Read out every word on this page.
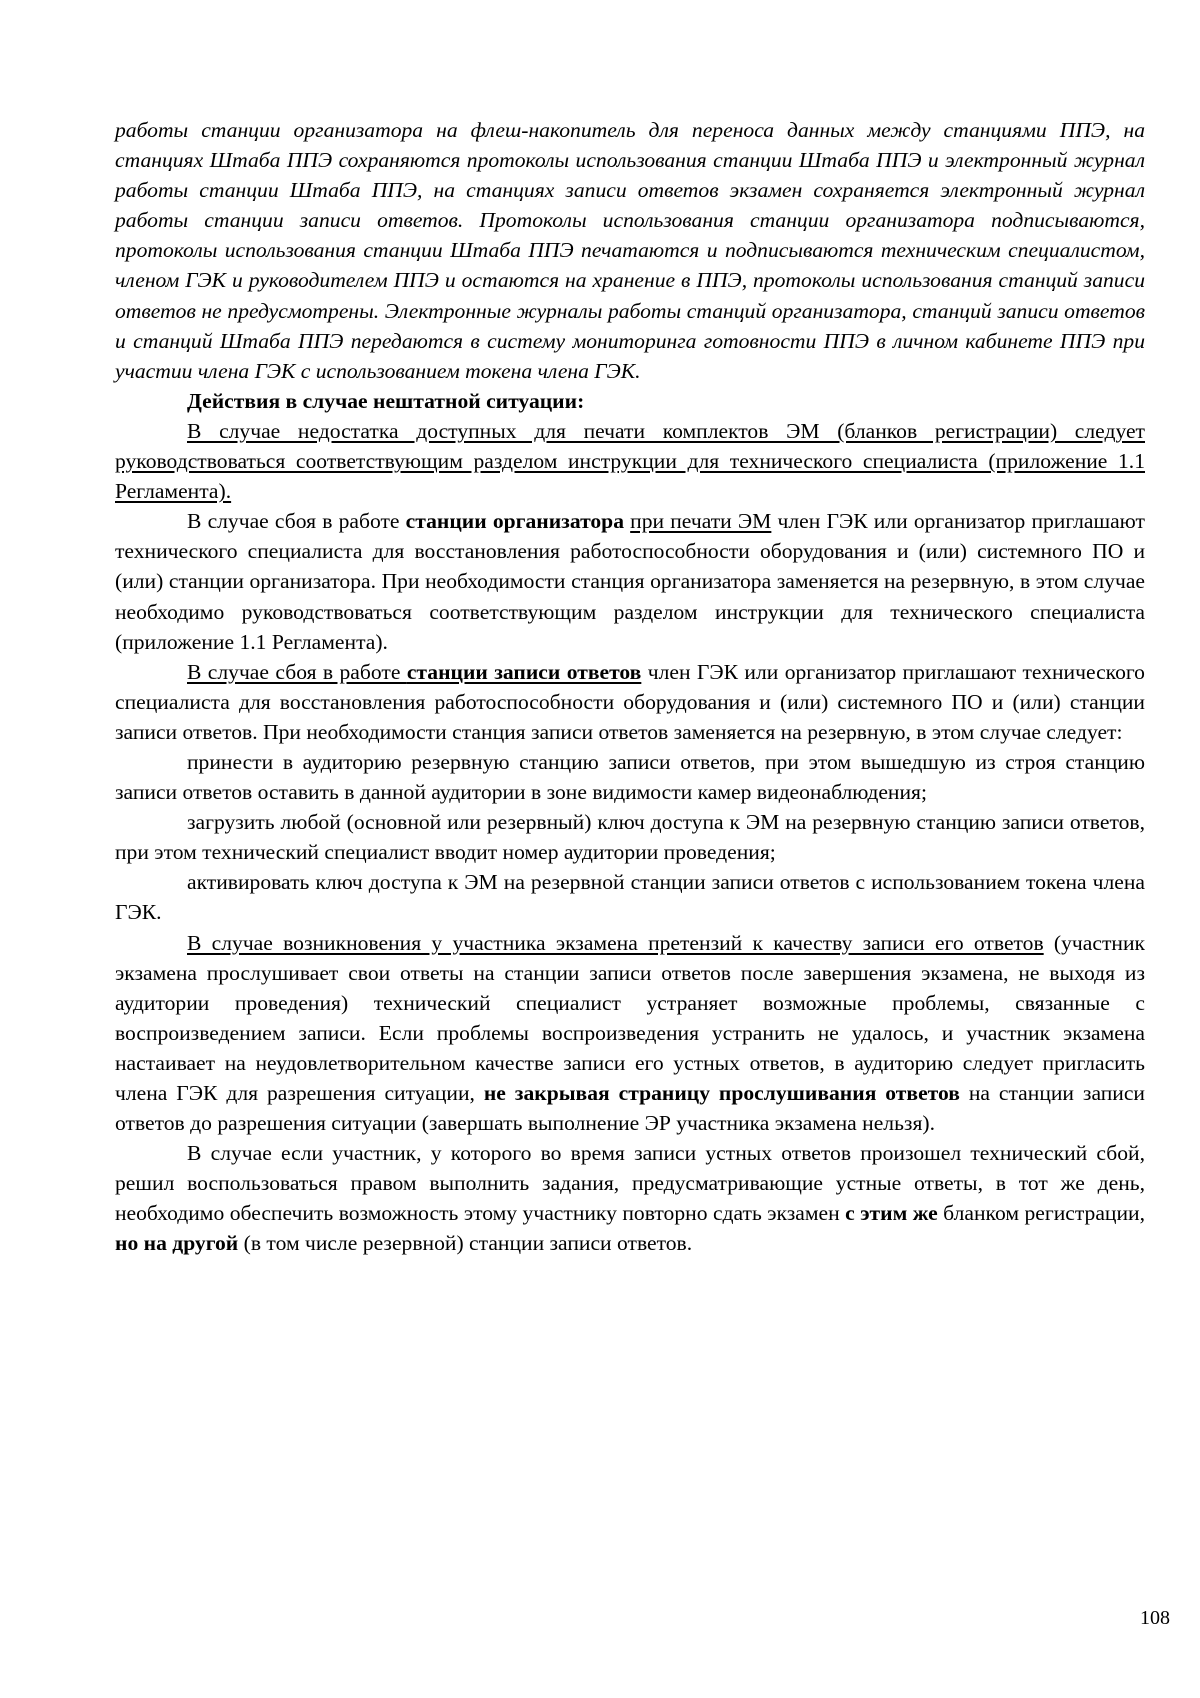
работы станции организатора на флеш-накопитель для переноса данных между станциями ППЭ, на станциях Штаба ППЭ сохраняются протоколы использования станции Штаба ППЭ и электронный журнал работы станции Штаба ППЭ, на станциях записи ответов экзамен сохраняется электронный журнал работы станции записи ответов. Протоколы использования станции организатора подписываются, протоколы использования станции Штаба ППЭ печатаются и подписываются техническим специалистом, членом ГЭК и руководителем ППЭ и остаются на хранение в ППЭ, протоколы использования станций записи ответов не предусмотрены. Электронные журналы работы станций организатора, станций записи ответов и станций Штаба ППЭ передаются в систему мониторинга готовности ППЭ в личном кабинете ППЭ при участии члена ГЭК с использованием токена члена ГЭК.

Действия в случае нештатной ситуации:

В случае недостатка доступных для печати комплектов ЭМ (бланков регистрации) следует руководствоваться соответствующим разделом инструкции для технического специалиста (приложение 1.1 Регламента).

В случае сбоя в работе станции организатора при печати ЭМ член ГЭК или организатор приглашают технического специалиста для восстановления работоспособности оборудования и (или) системного ПО и (или) станции организатора. При необходимости станция организатора заменяется на резервную, в этом случае необходимо руководствоваться соответствующим разделом инструкции для технического специалиста (приложение 1.1 Регламента).

В случае сбоя в работе станции записи ответов член ГЭК или организатор приглашают технического специалиста для восстановления работоспособности оборудования и (или) системного ПО и (или) станции записи ответов. При необходимости станция записи ответов заменяется на резервную, в этом случае следует:

принести в аудиторию резервную станцию записи ответов, при этом вышедшую из строя станцию записи ответов оставить в данной аудитории в зоне видимости камер видеонаблюдения;

загрузить любой (основной или резервный) ключ доступа к ЭМ на резервную станцию записи ответов, при этом технический специалист вводит номер аудитории проведения;

активировать ключ доступа к ЭМ на резервной станции записи ответов с использованием токена члена ГЭК.

В случае возникновения у участника экзамена претензий к качеству записи его ответов (участник экзамена прослушивает свои ответы на станции записи ответов после завершения экзамена, не выходя из аудитории проведения) технический специалист устраняет возможные проблемы, связанные с воспроизведением записи. Если проблемы воспроизведения устранить не удалось, и участник экзамена настаивает на неудовлетворительном качестве записи его устных ответов, в аудиторию следует пригласить члена ГЭК для разрешения ситуации, не закрывая страницу прослушивания ответов на станции записи ответов до разрешения ситуации (завершать выполнение ЭР участника экзамена нельзя).

В случае если участник, у которого во время записи устных ответов произошел технический сбой, решил воспользоваться правом выполнить задания, предусматривающие устные ответы, в тот же день, необходимо обеспечить возможность этому участнику повторно сдать экзамен с этим же бланком регистрации, но на другой (в том числе резервной) станции записи ответов.

108
